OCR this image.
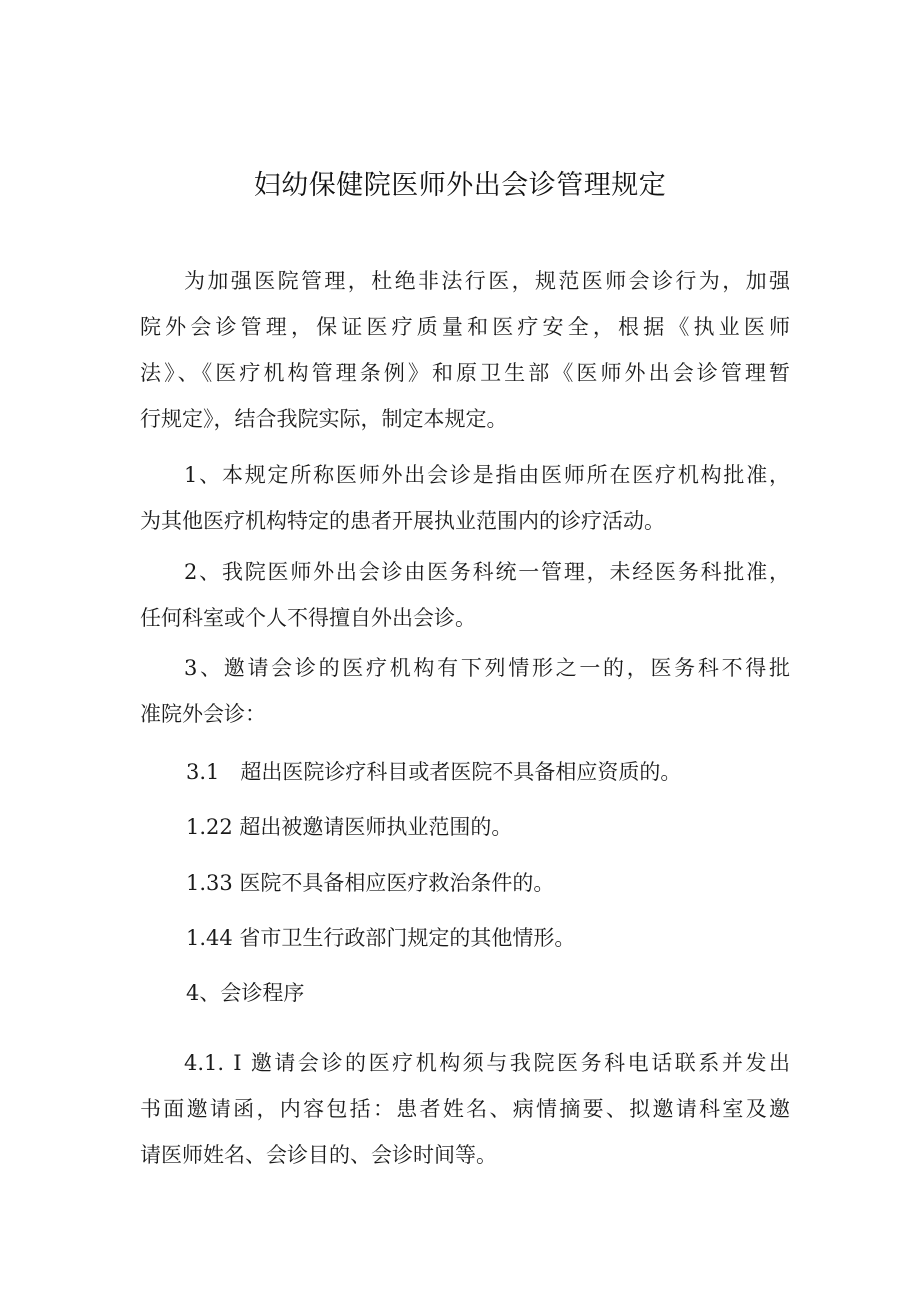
妇幼保健院医师外出会诊管理规定
为加强医院管理，杜绝非法行医，规范医师会诊行为，加强
院外会诊管理，保证医疗质量和医疗安全，根据《执业医师
法》、《医疗机构管理条例》和原卫生部《医师外出会诊管理暂
行规定》，结合我院实际，制定本规定。
1、本规定所称医师外出会诊是指由医师所在医疗机构批准，
为其他医疗机构特定的患者开展执业范围内的诊疗活动。
2、我院医师外出会诊由医务科统一管理，未经医务科批准，
任何科室或个人不得擅自外出会诊。
3、邀请会诊的医疗机构有下列情形之一的，医务科不得批
准院外会诊：
3.1　超出医院诊疗科目或者医院不具备相应资质的。
1.22 超出被邀请医师执业范围的。
1.33 医院不具备相应医疗救治条件的。
1.44 省市卫生行政部门规定的其他情形。
4、会诊程序
4.1. I 邀请会诊的医疗机构须与我院医务科电话联系并发出
书面邀请函，内容包括：患者姓名、病情摘要、拟邀请科室及邀
请医师姓名、会诊目的、会诊时间等。
